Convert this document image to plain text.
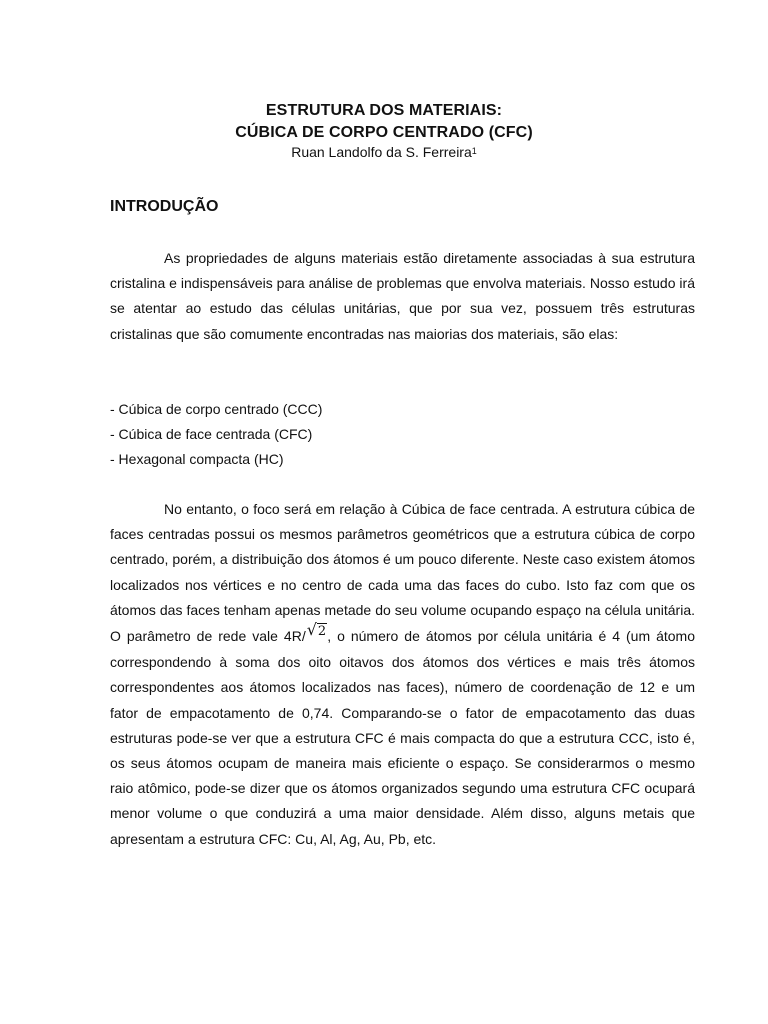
ESTRUTURA DOS MATERIAIS:
CÚBICA DE CORPO CENTRADO (CFC)
Ruan Landolfo da S. Ferreira$^1$
INTRODUÇÃO
As propriedades de alguns materiais estão diretamente associadas à sua estrutura cristalina e indispensáveis para análise de problemas que envolva materiais. Nosso estudo irá se atentar ao estudo das células unitárias, que por sua vez, possuem três estruturas cristalinas que são comumente encontradas nas maiorias dos materiais, são elas:
- Cúbica de corpo centrado (CCC)
- Cúbica de face centrada (CFC)
- Hexagonal compacta (HC)
No entanto, o foco será em relação à Cúbica de face centrada. A estrutura cúbica de faces centradas possui os mesmos parâmetros geométricos que a estrutura cúbica de corpo centrado, porém, a distribuição dos átomos é um pouco diferente. Neste caso existem átomos localizados nos vértices e no centro de cada uma das faces do cubo. Isto faz com que os átomos das faces tenham apenas metade do seu volume ocupando espaço na célula unitária. O parâmetro de rede vale 4R/√2, o número de átomos por célula unitária é 4 (um átomo correspondendo à soma dos oito oitavos dos átomos dos vértices e mais três átomos correspondentes aos átomos localizados nas faces), número de coordenação de 12 e um fator de empacotamento de 0,74. Comparando-se o fator de empacotamento das duas estruturas pode-se ver que a estrutura CFC é mais compacta do que a estrutura CCC, isto é, os seus átomos ocupam de maneira mais eficiente o espaço. Se considerarmos o mesmo raio atômico, pode-se dizer que os átomos organizados segundo uma estrutura CFC ocupará menor volume o que conduzirá a uma maior densidade. Além disso, alguns metais que apresentam a estrutura CFC: Cu, Al, Ag, Au, Pb, etc.
